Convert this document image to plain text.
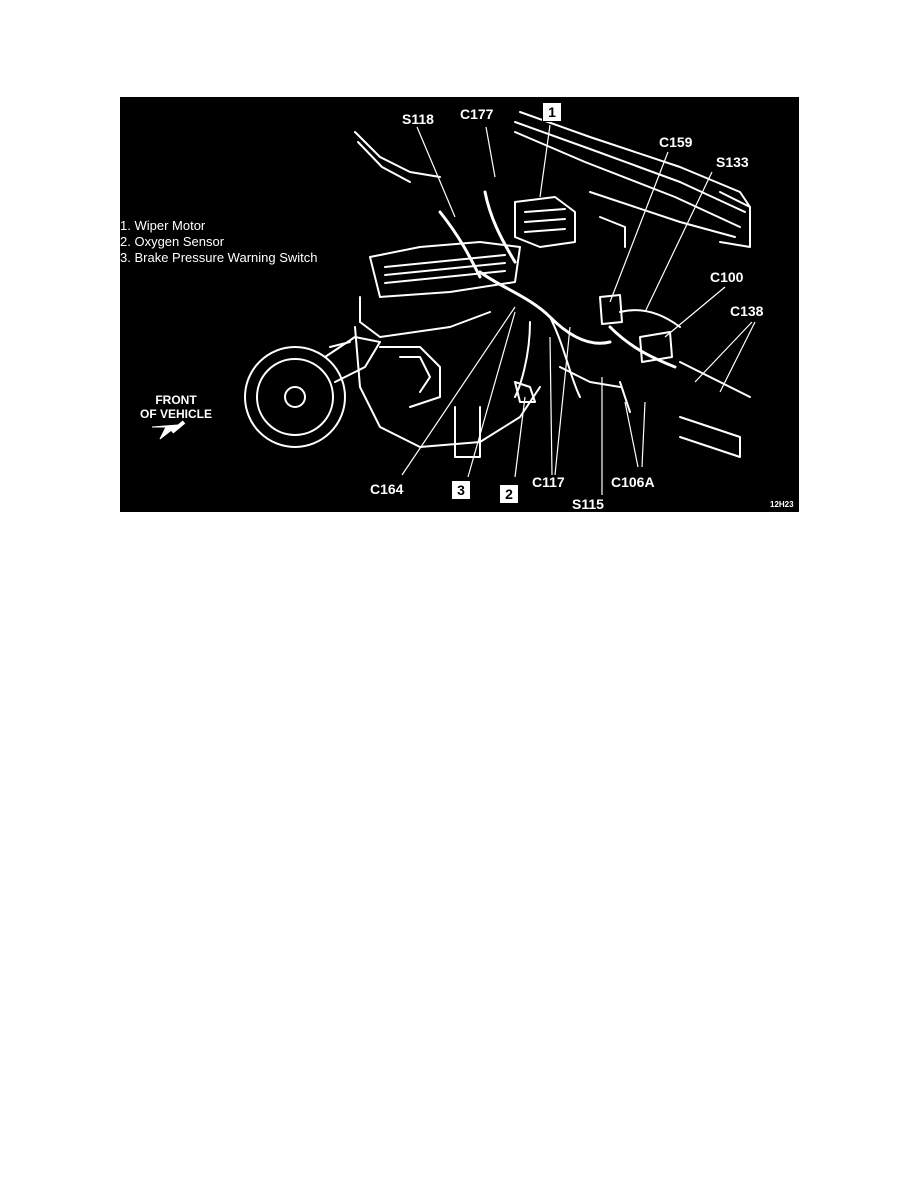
1. Wiper Motor
2. Oxygen Sensor
3. Brake Pressure Warning Switch
S118 C177
C159
S133
C100
C138
C164	C117
S115
C106A
1
2
3
FRONT
OF VEHICLE
12H23
